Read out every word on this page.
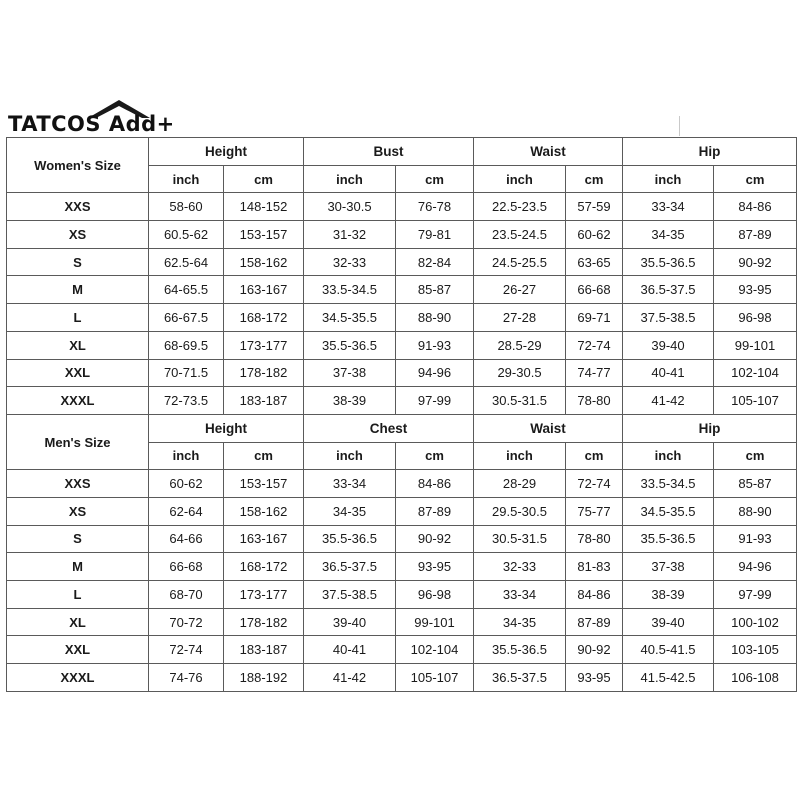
TATCOS Add+
Women's Size	Height		Bust		Waist		Hip	
	inch	cm	inch	cm	inch	cm	inch	cm
XXS	58-60	148-152	30-30.5	76-78	22.5-23.5	57-59	33-34	84-86
XS	60.5-62	153-157	31-32	79-81	23.5-24.5	60-62	34-35	87-89
S	62.5-64	158-162	32-33	82-84	24.5-25.5	63-65	35.5-36.5	90-92
M	64-65.5	163-167	33.5-34.5	85-87	26-27	66-68	36.5-37.5	93-95
L	66-67.5	168-172	34.5-35.5	88-90	27-28	69-71	37.5-38.5	96-98
XL	68-69.5	173-177	35.5-36.5	91-93	28.5-29	72-74	39-40	99-101
XXL	70-71.5	178-182	37-38	94-96	29-30.5	74-77	40-41	102-104
XXXL	72-73.5	183-187	38-39	97-99	30.5-31.5	78-80	41-42	105-107
Men's Size	Height		Chest		Waist		Hip	
	inch	cm	inch	cm	inch	cm	inch	cm
XXS	60-62	153-157	33-34	84-86	28-29	72-74	33.5-34.5	85-87
XS	62-64	158-162	34-35	87-89	29.5-30.5	75-77	34.5-35.5	88-90
S	64-66	163-167	35.5-36.5	90-92	30.5-31.5	78-80	35.5-36.5	91-93
M	66-68	168-172	36.5-37.5	93-95	32-33	81-83	37-38	94-96
L	68-70	173-177	37.5-38.5	96-98	33-34	84-86	38-39	97-99
XL	70-72	178-182	39-40	99-101	34-35	87-89	39-40	100-102
XXL	72-74	183-187	40-41	102-104	35.5-36.5	90-92	40.5-41.5	103-105
XXXL	74-76	188-192	41-42	105-107	36.5-37.5	93-95	41.5-42.5	106-108
